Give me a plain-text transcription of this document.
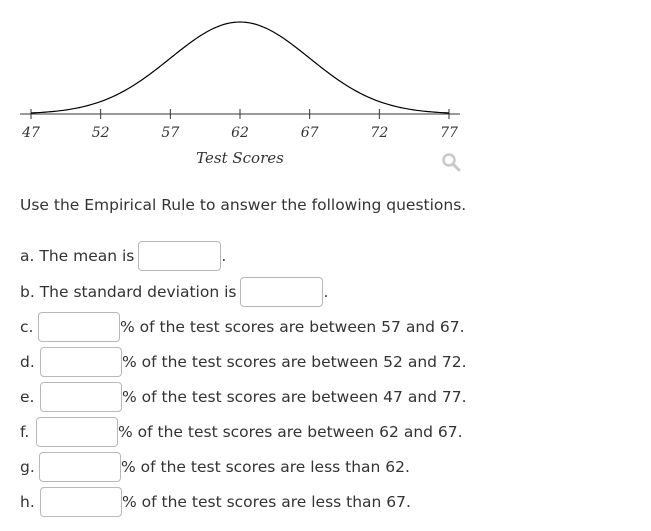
47	52	57	62	67	72	77
Test Scores
Use the Empirical Rule to answer the following questions.
a. The mean is	.
b. The standard deviation is	.
c.	% of the test scores are between 57 and 67.
d.	% of the test scores are between 52 and 72.
e.	% of the test scores are between 47 and 77.
f.	% of the test scores are between 62 and 67.
g.	% of the test scores are less than 62.
h.	% of the test scores are less than 67.
